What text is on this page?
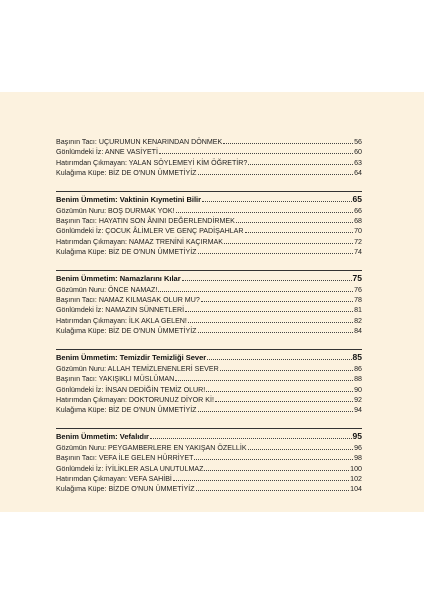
Başının Tacı: UÇURUMUN KENARINDAN DÖNMEK	56
Gönlümdeki İz: ANNE VASİYETİ	60
Hatırımdan Çıkmayan: YALAN SÖYLEMEYİ KİM ÖĞRETİR?	63
Kulağıma Küpe: BİZ DE O'NUN ÜMMETİYİZ	64
Benim Ümmetim: Vaktinin Kıymetini Bilir	65
Gözümün Nuru: BOŞ DURMAK YOK!	66
Başının Tacı: HAYATIN SON ÂNINI DEĞERLENDİRMEK	68
Gönlümdeki İz: ÇOCUK ÂLİMLER VE GENÇ PADİŞAHLAR	70
Hatırımdan Çıkmayan: NAMAZ TRENİNİ KAÇIRMAK	72
Kulağıma Küpe: BİZ DE O'NUN ÜMMETİYİZ	74
Benim Ümmetim: Namazlarını Kılar	75
Gözümün Nuru: ÖNCE NAMAZ!	76
Başının Tacı: NAMAZ KILMASAK OLUR MU?	78
Gönlümdeki İz: NAMAZIN SÜNNETLERİ	81
Hatırımdan Çıkmayan: İLK AKLA GELEN!	82
Kulağıma Küpe: BİZ DE O'NUN ÜMMETİYİZ	84
Benim Ümmetim: Temizdir Temizliği Sever	85
Gözümün Nuru: ALLAH TEMİZLENENLERİ SEVER	86
Başının Tacı: YAKIŞIKLI MÜSLÜMAN	88
Gönlümdeki İz: İNSAN DEDİĞİN TEMİZ OLUR!	90
Hatırımdan Çıkmayan: DOKTORUNUZ DİYOR Kİ!	92
Kulağıma Küpe: BİZ DE O'NUN ÜMMETİYİZ	94
Benim Ümmetim: Vefalıdır	95
Gözümün Nuru: PEYGAMBERLERE EN YAKIŞAN ÖZELLİK	96
Başının Tacı: VEFA İLE GELEN HÜRRİYET	98
Gönlümdeki İz: İYİLİKLER ASLA UNUTULMAZ	100
Hatırımdan Çıkmayan: VEFA SAHİBİ	102
Kulağıma Küpe: BİZDE O'NUN ÜMMETİYİZ	104
